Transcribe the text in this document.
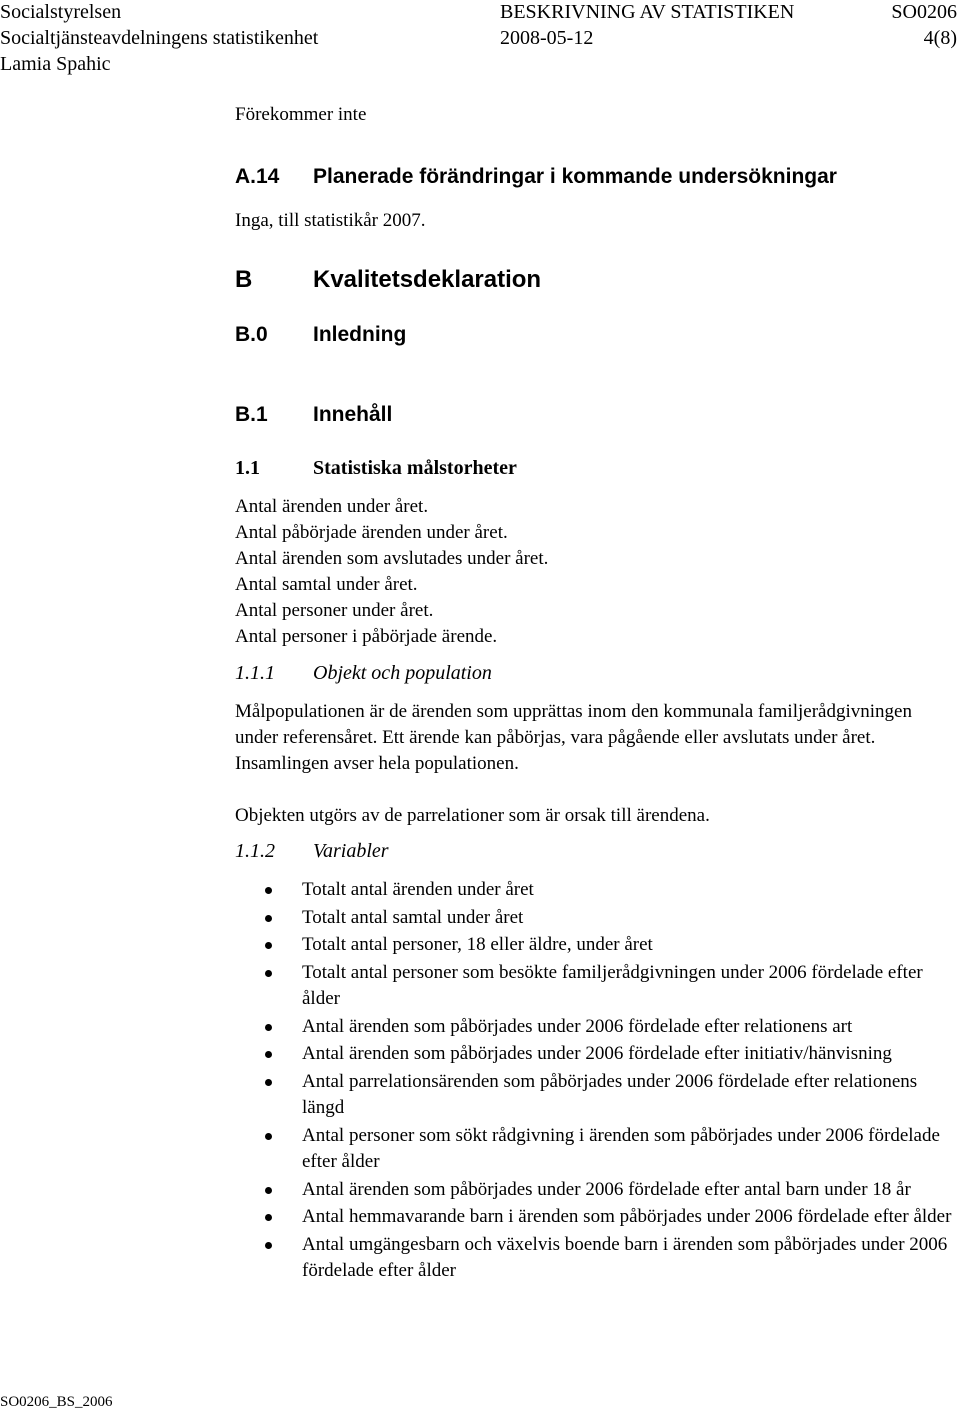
Socialstyrelsen
Socialtjänsteavdelningens statistikenhet
Lamia Spahic
BESKRIVNING AV STATISTIKEN
2008-05-12
SO0206
4(8)
Förekommer inte
A.14 Planerade förändringar i kommande undersökningar
Inga, till statistikår 2007.
B	Kvalitetsdeklaration
B.0 Inledning
B.1 Innehåll
1.1	Statistiska målstorheter
Antal ärenden under året.
Antal påbörjade ärenden under året.
Antal ärenden som avslutades under året.
Antal samtal under året.
Antal personer under året.
Antal personer i påbörjade ärende.
1.1.1 Objekt och population
Målpopulationen är de ärenden som upprättas inom den kommunala familjerådgivningen under referensåret. Ett ärende kan påbörjas, vara pågående eller avslutats under året. Insamlingen avser hela populationen.
Objekten utgörs av de parrelationer som är orsak till ärendena.
1.1.2 Variabler
Totalt antal ärenden under året
Totalt antal samtal under året
Totalt antal personer, 18 eller äldre, under året
Totalt antal personer som besökte familjerådgivningen under 2006 fördelade efter ålder
Antal ärenden som påbörjades under 2006 fördelade efter relationens art
Antal ärenden som påbörjades under 2006 fördelade efter initiativ/hänvisning
Antal parrelationsärenden som påbörjades under 2006 fördelade efter relationens längd
Antal personer som sökt rådgivning i ärenden som påbörjades under 2006 fördelade efter ålder
Antal ärenden som påbörjades under 2006 fördelade efter antal barn under 18 år
Antal hemmavarande barn i ärenden som påbörjades under 2006 fördelade efter ålder
Antal umgängesbarn och växelvis boende barn i ärenden som påbörjades under 2006 fördelade efter ålder
SO0206_BS_2006
